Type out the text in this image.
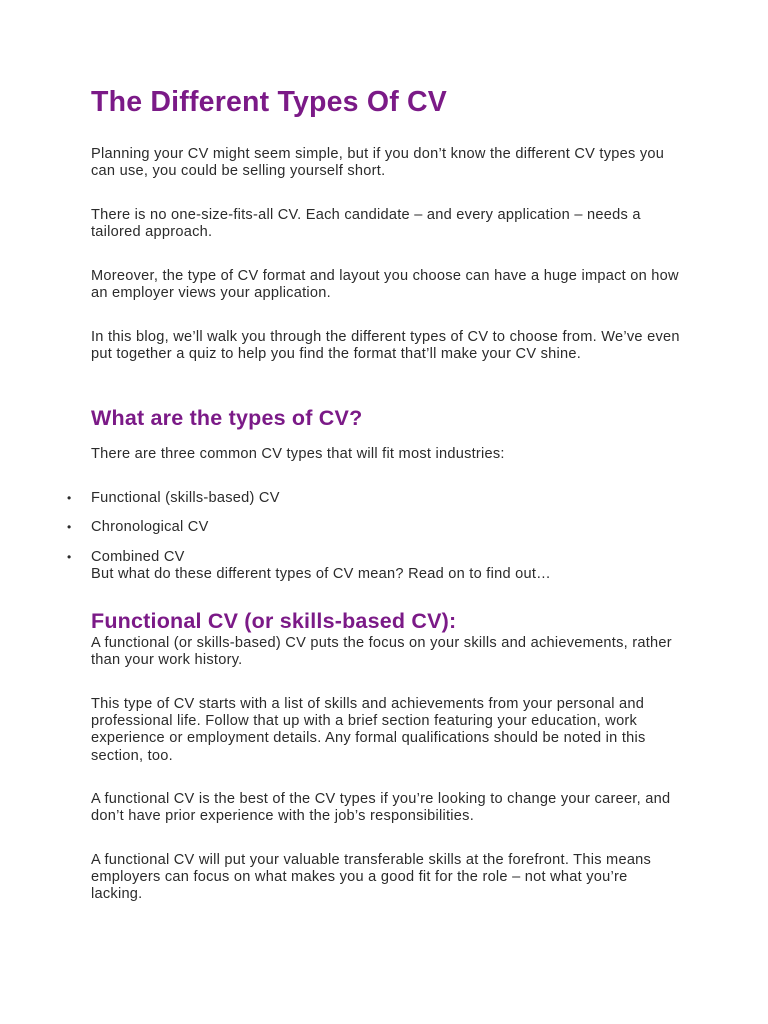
The Different Types Of CV

Planning your CV might seem simple, but if you don’t know the different CV types you can use, you could be selling yourself short.

There is no one-size-fits-all CV. Each candidate – and every application – needs a tailored approach.

Moreover, the type of CV format and layout you choose can have a huge impact on how an employer views your application.

In this blog, we’ll walk you through the different types of CV to choose from. We’ve even put together a quiz to help you find the format that’ll make your CV shine.

What are the types of CV?

There are three common CV types that will fit most industries:

• Functional (skills-based) CV
• Chronological CV
• Combined CV

But what do these different types of CV mean? Read on to find out…

Functional CV (or skills-based CV):

A functional (or skills-based) CV puts the focus on your skills and achievements, rather than your work history.

This type of CV starts with a list of skills and achievements from your personal and professional life. Follow that up with a brief section featuring your education, work experience or employment details. Any formal qualifications should be noted in this section, too.

A functional CV is the best of the CV types if you’re looking to change your career, and don’t have prior experience with the job’s responsibilities.

A functional CV will put your valuable transferable skills at the forefront. This means employers can focus on what makes you a good fit for the role – not what you’re lacking.
